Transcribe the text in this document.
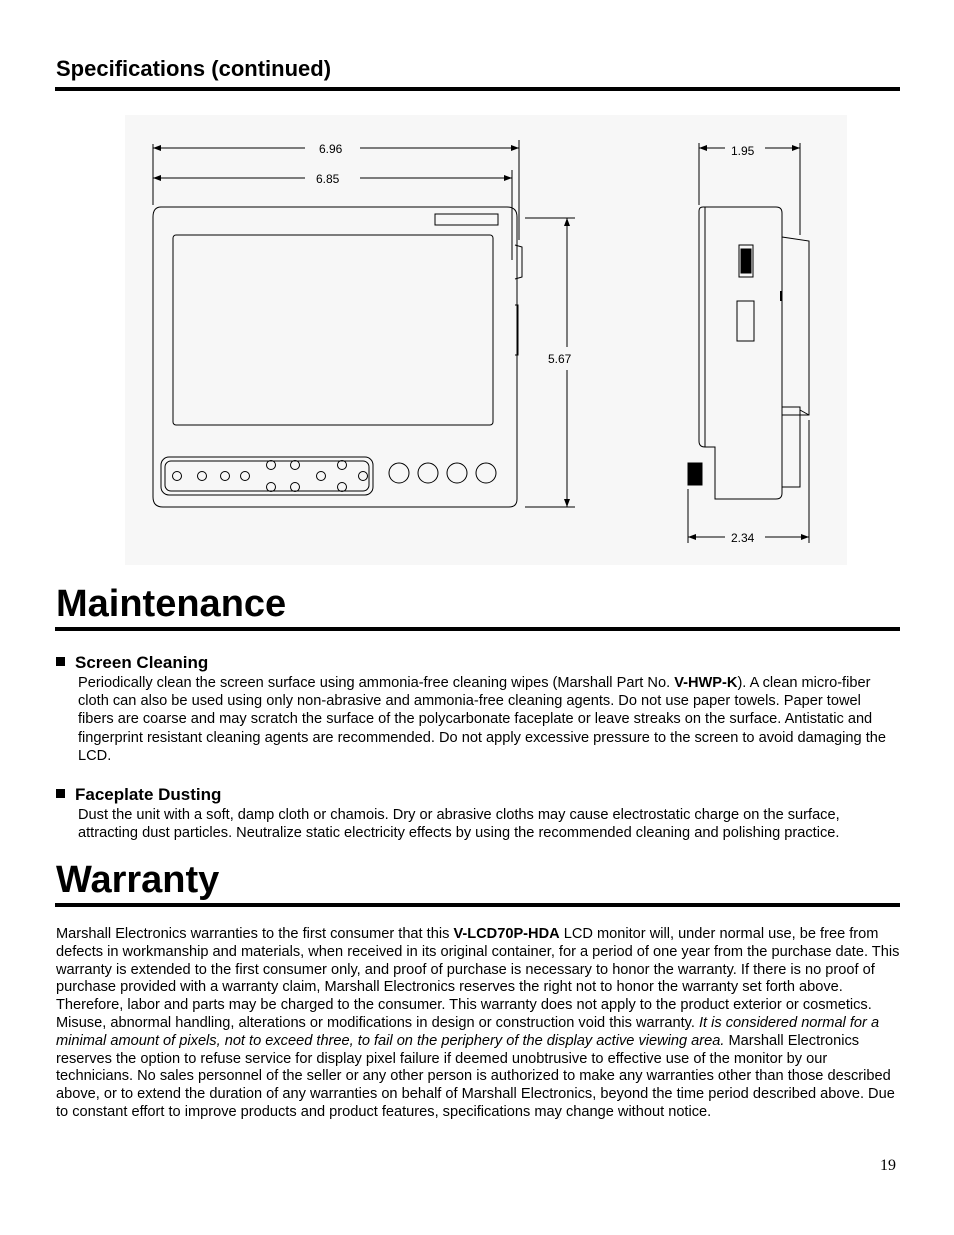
Specifications (continued)
6.96
6.85
5.67
1.95
2.34
Maintenance
Screen Cleaning

Periodically clean the screen surface using ammonia-free cleaning wipes (Marshall Part No. V-HWP-K). A clean micro-fiber cloth can also be used using only non-abrasive and ammonia-free cleaning agents. Do not use paper towels. Paper towel fibers are coarse and may scratch the surface of the polycarbonate faceplate or leave streaks on the surface. Antistatic and fingerprint resistant cleaning agents are recommended. Do not apply excessive pressure to the screen to avoid damaging the LCD.

Faceplate Dusting

Dust the unit with a soft, damp cloth or chamois. Dry or abrasive cloths may cause electrostatic charge on the surface, attracting dust particles. Neutralize static electricity effects by using the recommended cleaning and polishing practice.

Warranty

Marshall Electronics warranties to the first consumer that this V-LCD70P-HDA LCD monitor will, under normal use, be free from defects in workmanship and materials, when received in its original container, for a period of one year from the purchase date. This warranty is extended to the first consumer only, and proof of purchase is necessary to honor the warranty. If there is no proof of purchase provided with a warranty claim, Marshall Electronics reserves the right not to honor the warranty set forth above. Therefore, labor and parts may be charged to the consumer. This warranty does not apply to the product exterior or cosmetics. Misuse, abnormal handling, alterations or modifications in design or construction void this warranty. It is considered normal for a minimal amount of pixels, not to exceed three, to fail on the periphery of the display active viewing area. Marshall Electronics reserves the option to refuse service for display pixel failure if deemed unobtrusive to effective use of the monitor by our technicians. No sales personnel of the seller or any other person is authorized to make any warranties other than those described above, or to extend the duration of any warranties on behalf of Marshall Electronics, beyond the time period described above. Due to constant effort to improve products and product features, specifications may change without notice.

19
